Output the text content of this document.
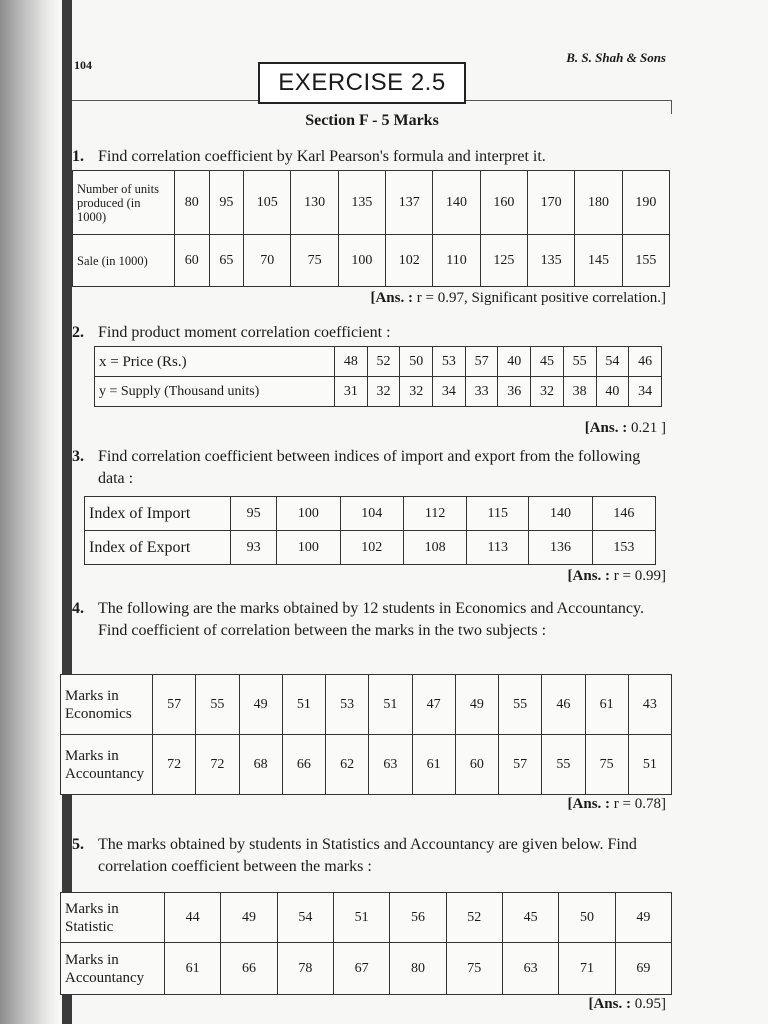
104	B. S. Shah & Sons
EXERCISE 2.5
Section F - 5 Marks
1. Find correlation coefficient by Karl Pearson's formula and interpret it.
Number of units produced (in 1000)	80	95	105	130	135	137	140	160	170	180	190
Sale (in 1000)	60	65	70	75	100	102	110	125	135	145	155
[Ans. : r = 0.97, Significant positive correlation.]
2. Find product moment correlation coefficient :
x = Price (Rs.)	48	52	50	53	57	40	45	55	54	46
y = Supply (Thousand units)	31	32	32	34	33	36	32	38	40	34
[Ans. : 0.21 ]
3. Find correlation coefficient between indices of import and export from the following data :
Index of Import	95	100	104	112	115	140	146
Index of Export	93	100	102	108	113	136	153
[Ans. : r = 0.99]
4. The following are the marks obtained by 12 students in Economics and Accountancy. Find coefficient of correlation between the marks in the two subjects :
Marks in Economics	57	55	49	51	53	51	47	49	55	46	61	43
Marks in Accountancy	72	72	68	66	62	63	61	60	57	55	75	51
[Ans. : r = 0.78]
5. The marks obtained by students in Statistics and Accountancy are given below. Find correlation coefficient between the marks :
Marks in Statistic	44	49	54	51	56	52	45	50	49
Marks in Accountancy	61	66	78	67	80	75	63	71	69
[Ans. : 0.95]
